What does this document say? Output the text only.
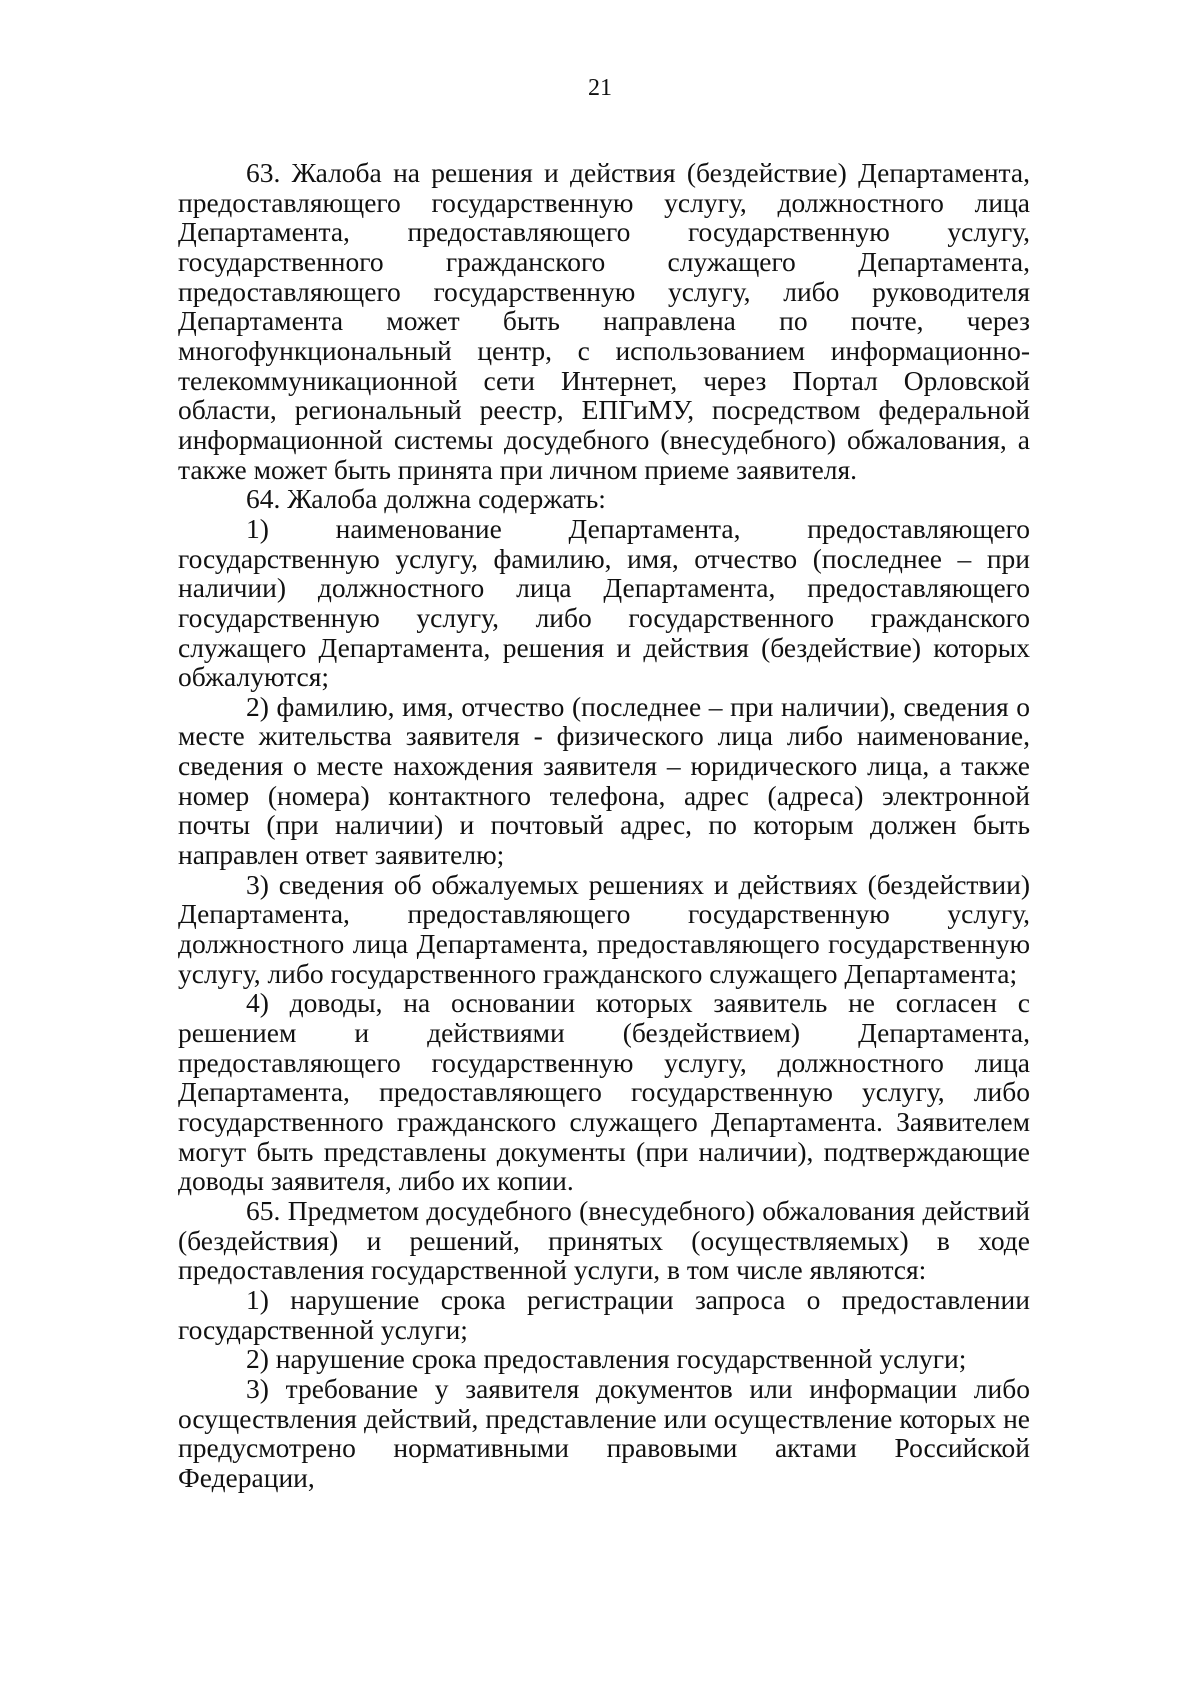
21

63. Жалоба на решения и действия (бездействие) Департамента, предоставляющего государственную услугу, должностного лица Департамента, предоставляющего государственную услугу, государственного гражданского служащего Департамента, предоставляющего государственную услугу, либо руководителя Департамента может быть направлена по почте, через многофункциональный центр, с использованием информационно-телекоммуникационной сети Интернет, через Портал Орловской области, региональный реестр, ЕПГиМУ, посредством федеральной информационной системы досудебного (внесудебного) обжалования, а также может быть принята при личном приеме заявителя.

64. Жалоба должна содержать:

1) наименование Департамента, предоставляющего государственную услугу, фамилию, имя, отчество (последнее – при наличии) должностного лица Департамента, предоставляющего государственную услугу, либо государственного гражданского служащего Департамента, решения и действия (бездействие) которых обжалуются;

2) фамилию, имя, отчество (последнее – при наличии), сведения о месте жительства заявителя - физического лица либо наименование, сведения о месте нахождения заявителя – юридического лица, а также номер (номера) контактного телефона, адрес (адреса) электронной почты (при наличии) и почтовый адрес, по которым должен быть направлен ответ заявителю;

3) сведения об обжалуемых решениях и действиях (бездействии) Департамента, предоставляющего государственную услугу, должностного лица Департамента, предоставляющего государственную услугу, либо государственного гражданского служащего Департамента;

4) доводы, на основании которых заявитель не согласен с решением и действиями (бездействием) Департамента, предоставляющего государственную услугу, должностного лица Департамента, предоставляющего государственную услугу, либо государственного гражданского служащего Департамента. Заявителем могут быть представлены документы (при наличии), подтверждающие доводы заявителя, либо их копии.

65. Предметом досудебного (внесудебного) обжалования действий (бездействия) и решений, принятых (осуществляемых) в ходе предоставления государственной услуги, в том числе являются:

1) нарушение срока регистрации запроса о предоставлении государственной услуги;

2) нарушение срока предоставления государственной услуги;

3) требование у заявителя документов или информации либо осуществления действий, представление или осуществление которых не предусмотрено нормативными правовыми актами Российской Федерации,
